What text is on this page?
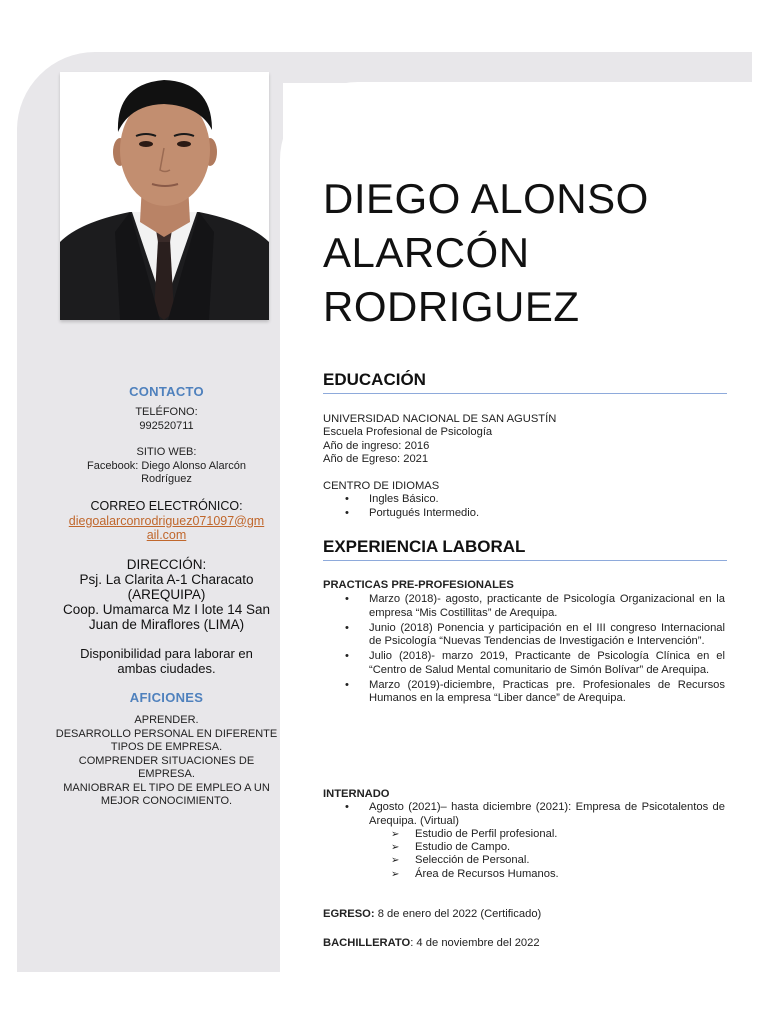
CONTACTO
TELÉFONO:
992520711
SITIO WEB:
Facebook: Diego Alonso Alarcón
Rodríguez
CORREO ELECTRÓNICO:
diegoalarconrodriguez071097@gm
ail.com
DIRECCIÓN:
Psj. La Clarita A-1 Characato
(AREQUIPA)
Coop. Umamarca Mz I lote 14 San
Juan de Miraflores (LIMA)
Disponibilidad para laborar en
ambas ciudades.
AFICIONES
APRENDER.
DESARROLLO PERSONAL EN DIFERENTE
TIPOS DE EMPRESA.
COMPRENDER SITUACIONES DE
EMPRESA.
MANIOBRAR EL TIPO DE EMPLEO A UN
MEJOR CONOCIMIENTO.
DIEGO ALONSO
ALARCÓN
RODRIGUEZ
EDUCACIÓN
UNIVERSIDAD NACIONAL DE SAN AGUSTÍN
Escuela Profesional de Psicología
Año de ingreso: 2016
Año de Egreso: 2021
CENTRO DE IDIOMAS
• Ingles Básico.
• Portugués Intermedio.
EXPERIENCIA LABORAL
PRACTICAS PRE-PROFESIONALES
• Marzo (2018)- agosto, practicante de Psicología Organizacional en la empresa “Mis Costillitas” de Arequipa.
• Junio (2018) Ponencia y participación en el III congreso Internacional de Psicología “Nuevas Tendencias de Investigación e Intervención”.
• Julio (2018)- marzo 2019, Practicante de Psicología Clínica en el “Centro de Salud Mental comunitario de Simón Bolívar” de Arequipa.
• Marzo (2019)-diciembre, Practicas pre. Profesionales de Recursos Humanos en la empresa “Liber dance” de Arequipa.
INTERNADO
• Agosto (2021)– hasta diciembre (2021): Empresa de Psicotalentos de Arequipa. (Virtual)
➢ Estudio de Perfil profesional.
➢ Estudio de Campo.
➢ Selección de Personal.
➢ Área de Recursos Humanos.
EGRESO: 8 de enero del 2022 (Certificado)
BACHILLERATO: 4 de noviembre del 2022
